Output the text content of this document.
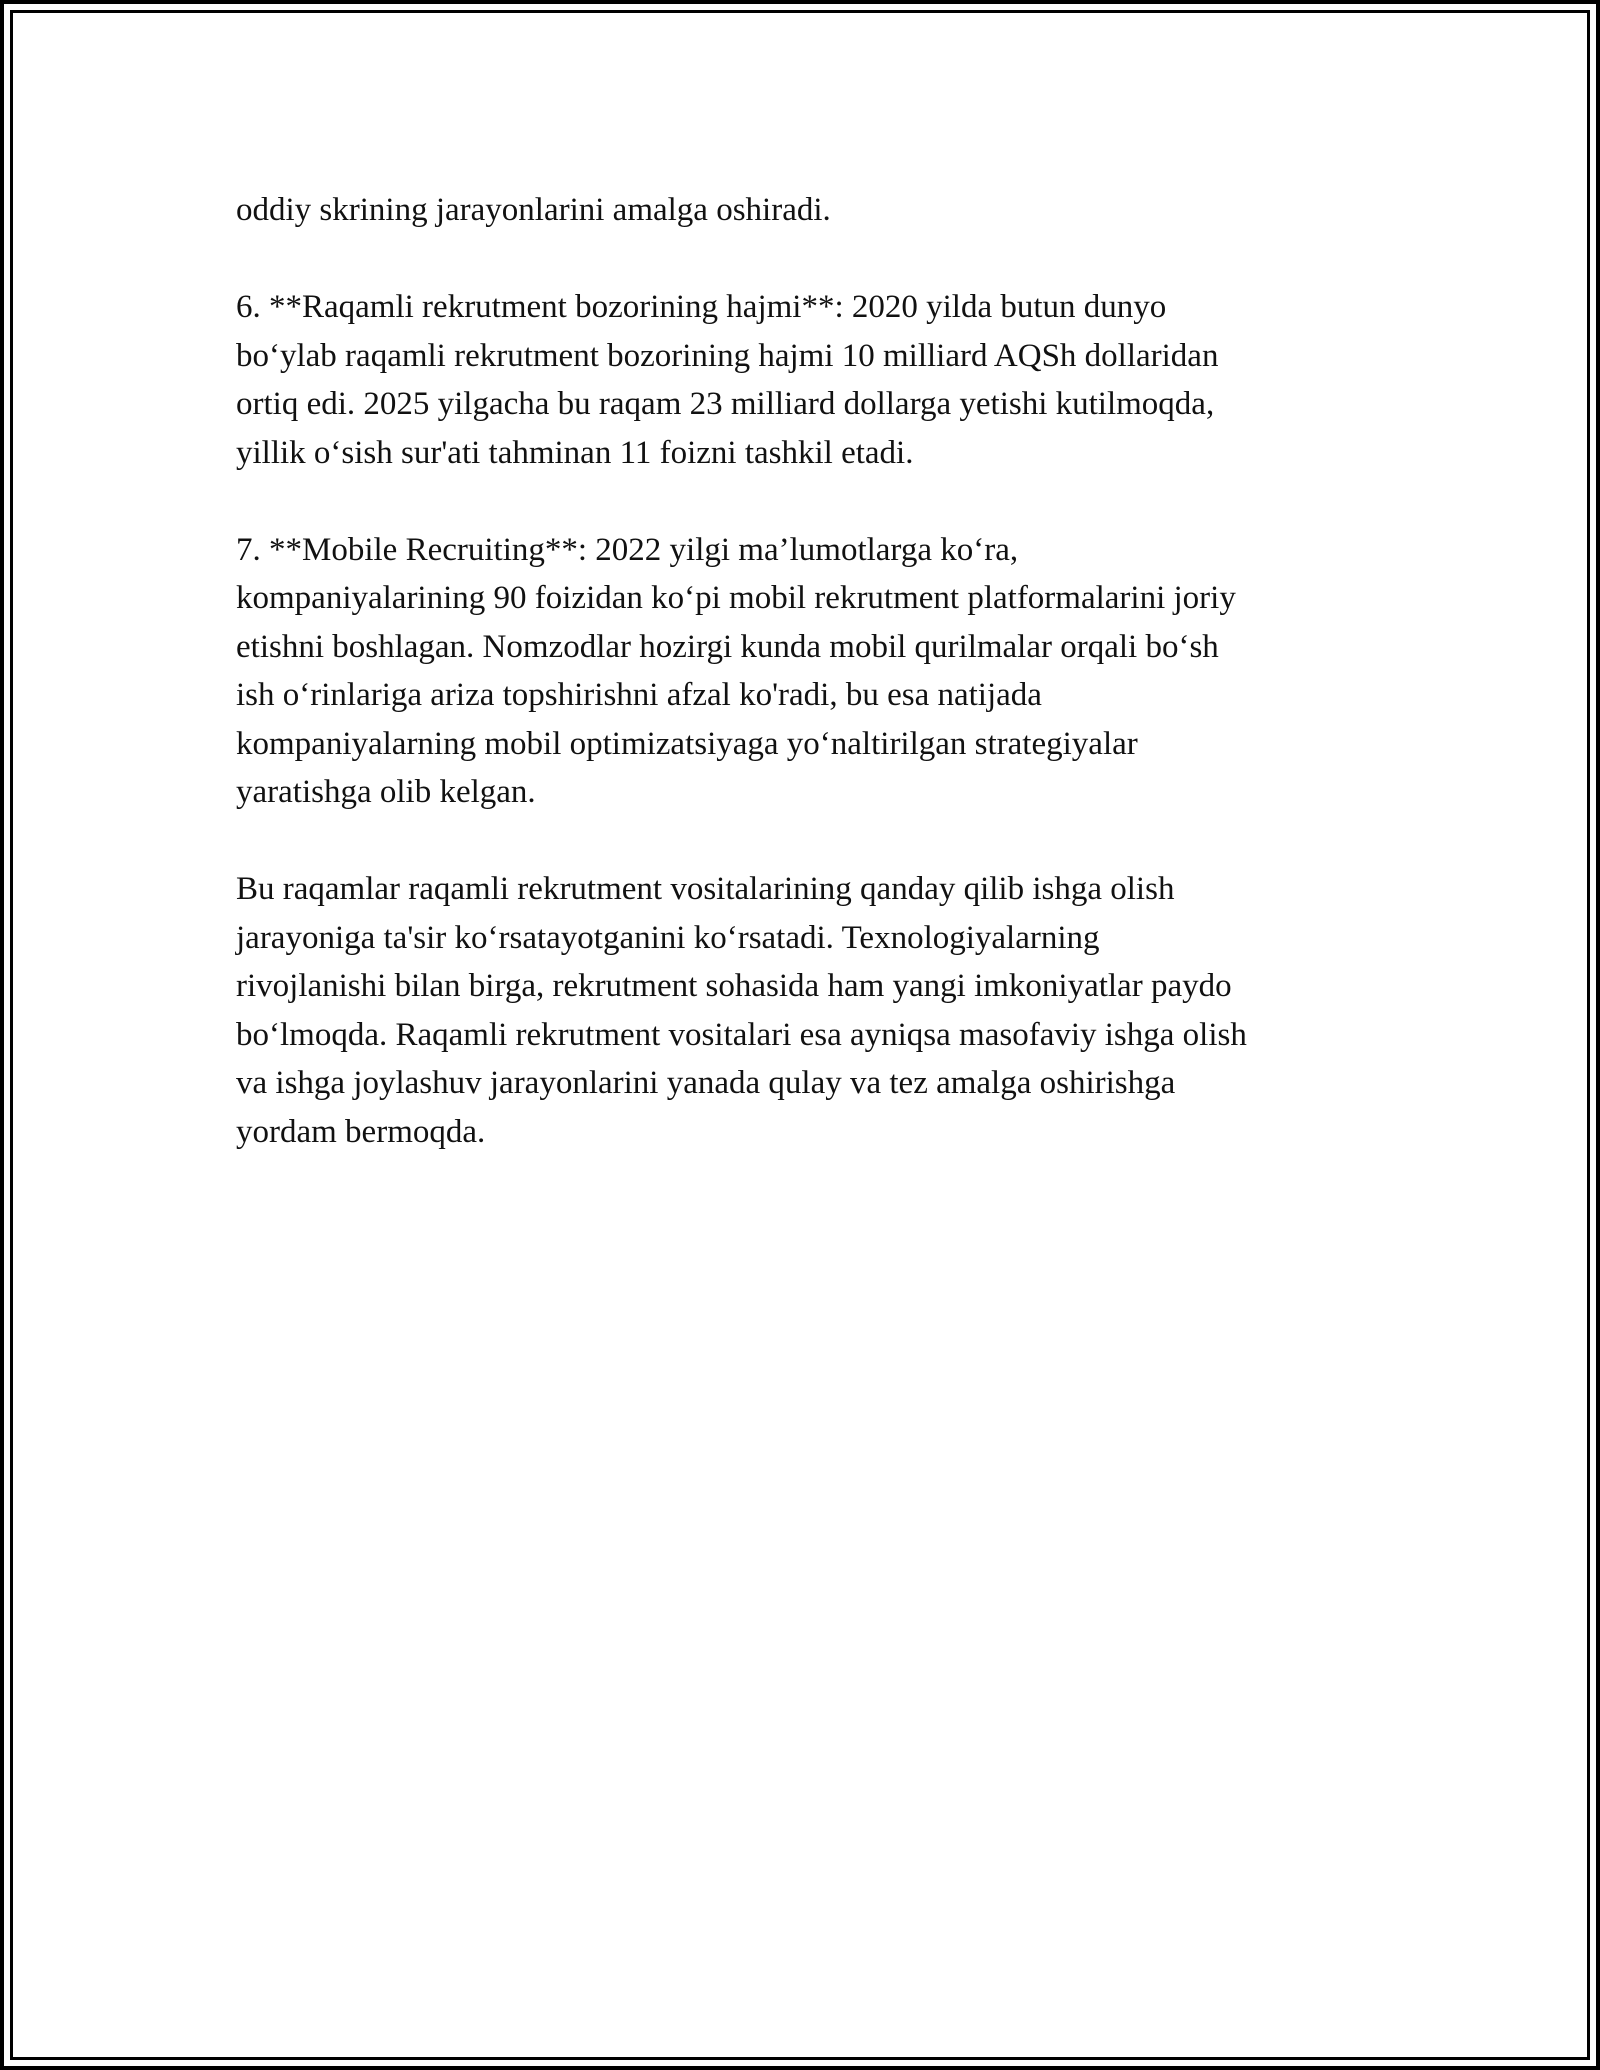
oddiy skrining jarayonlarini amalga oshiradi.

6. **Raqamli rekrutment bozorining hajmi**: 2020 yilda butun dunyo
boʻylab raqamli rekrutment bozorining hajmi 10 milliard AQSh dollaridan
ortiq edi. 2025 yilgacha bu raqam 23 milliard dollarga yetishi kutilmoqda,
yillik oʻsish sur'ati tahminan 11 foizni tashkil etadi.

7. **Mobile Recruiting**: 2022 yilgi ma’lumotlarga koʻra,
kompaniyalarining 90 foizidan koʻpi mobil rekrutment platformalarini joriy
etishni boshlagan. Nomzodlar hozirgi kunda mobil qurilmalar orqali boʻsh
ish oʻrinlariga ariza topshirishni afzal ko'radi, bu esa natijada
kompaniyalarning mobil optimizatsiyaga yoʻnaltirilgan strategiyalar
yaratishga olib kelgan.

Bu raqamlar raqamli rekrutment vositalarining qanday qilib ishga olish
jarayoniga ta'sir koʻrsatayotganini koʻrsatadi. Texnologiyalarning
rivojlanishi bilan birga, rekrutment sohasida ham yangi imkoniyatlar paydo
boʻlmoqda. Raqamli rekrutment vositalari esa ayniqsa masofaviy ishga olish
va ishga joylashuv jarayonlarini yanada qulay va tez amalga oshirishga
yordam bermoqda.
